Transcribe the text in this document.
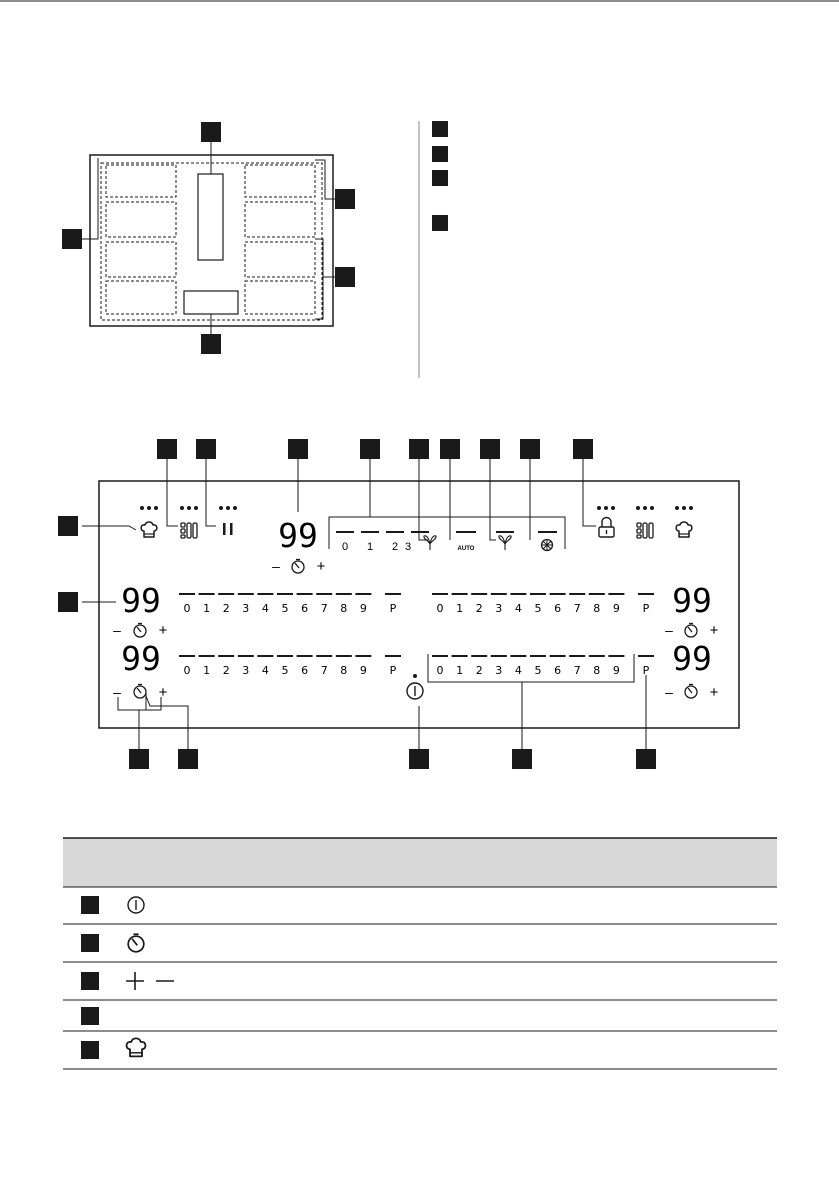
99
– +
0 1 2 3	AUTO
99
–	+
99
–	+
99
– +
99
– +
0 1 2 3 4 5 6 7 8 9 P	0 1 2 3 4 5 6 7 8 9 P
0 1 2 3 4 5 6 7 8 9 P	0 1 2 3 4 5 6 7 8 9 P
